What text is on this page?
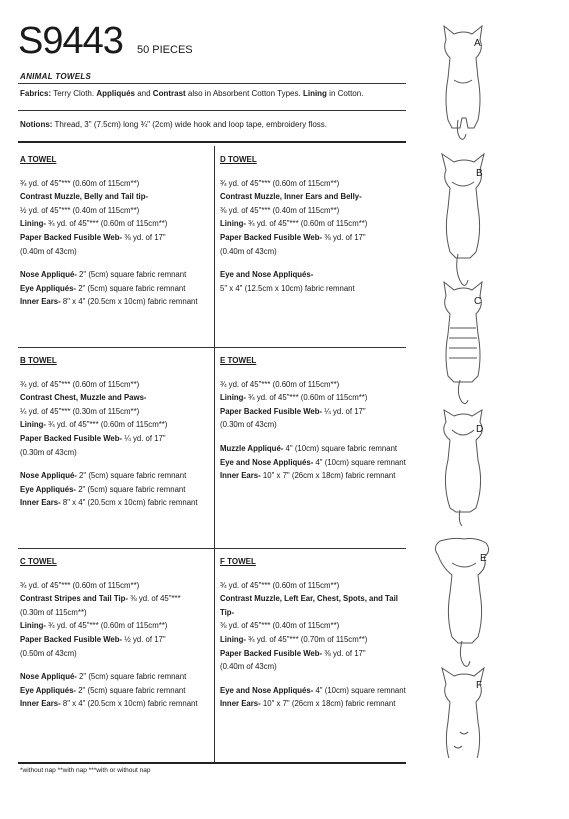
S9443 50 PIECES
ANIMAL TOWELS
Fabrics: Terry Cloth. Appliqués and Contrast also in Absorbent Cotton Types. Lining in Cotton.
Notions: Thread, 3" (7.5cm) long ¾" (2cm) wide hook and loop tape, embroidery floss.
A TOWEL

¾ yd. of 45"*** (0.60m of 115cm**)

Contrast Muzzle, Belly and Tail tip-

½ yd. of 45"*** (0.40m of 115cm**)

Lining- ¾ yd. of 45"*** (0.60m of 115cm**)

Paper Backed Fusible Web- ⅜ yd. of 17"

(0.40m of 43cm)

Nose Appliqué- 2" (5cm) square fabric remnant

Eye Appliqués- 2" (5cm) square fabric remnant

Inner Ears- 8" x 4" (20.5cm x 10cm) fabric remnant

D TOWEL

¾ yd. of 45"*** (0.60m of 115cm**)

Contrast Muzzle, Inner Ears and Belly-

⅜ yd. of 45"*** (0.40m of 115cm**)

Lining- ¾ yd. of 45"*** (0.60m of 115cm**)

Paper Backed Fusible Web- ⅜ yd. of 17"

(0.40m of 43cm)

Eye and Nose Appliqués-

5" x 4" (12.5cm x 10cm) fabric remnant

B TOWEL

¾ yd. of 45"*** (0.60m of 115cm**)

Contrast Chest, Muzzle and Paws-

¼ yd. of 45"*** (0.30m of 115cm**)

Lining- ¾ yd. of 45"*** (0.60m of 115cm**)

Paper Backed Fusible Web- ¼ yd. of 17"

(0.30m of 43cm)

Nose Appliqué- 2" (5cm) square fabric remnant

Eye Appliqués- 2" (5cm) square fabric remnant

Inner Ears- 8" x 4" (20.5cm x 10cm) fabric remnant

E TOWEL

¾ yd. of 45"*** (0.60m of 115cm**)

Lining- ¾ yd. of 45"*** (0.60m of 115cm**)

Paper Backed Fusible Web- ¼ yd. of 17"

(0.30m of 43cm)

Muzzle Appliqué- 4" (10cm) square fabric remnant

Eye and Nose Appliqués- 4" (10cm) square remnant

Inner Ears- 10" x 7" (26cm x 18cm) fabric remnant

C TOWEL

¾ yd. of 45"*** (0.60m of 115cm**)

Contrast Stripes and Tail Tip- ⅜ yd. of 45"***

(0.30m of 115cm**)

Lining- ¾ yd. of 45"*** (0.60m of 115cm**)

Paper Backed Fusible Web- ½ yd. of 17"

(0.50m of 43cm)

Nose Appliqué- 2" (5cm) square fabric remnant

Eye Appliqués- 2" (5cm) square fabric remnant

Inner Ears- 8" x 4" (20.5cm x 10cm) fabric remnant

F TOWEL

¾ yd. of 45"*** (0.60m of 115cm**)

Contrast Muzzle, Left Ear, Chest, Spots, and Tail Tip-

⅜ yd. of 45"*** (0.40m of 115cm**)

Lining- ¾ yd. of 45"*** (0.70m of 115cm**)

Paper Backed Fusible Web- ⅜ yd. of 17"

(0.40m of 43cm)

Eye and Nose Appliqués- 4" (10cm) square remnant

Inner Ears- 10" x 7" (26cm x 18cm) fabric remnant

*without nap **with nap ***with or without nap
A
B
C
D
E
F
